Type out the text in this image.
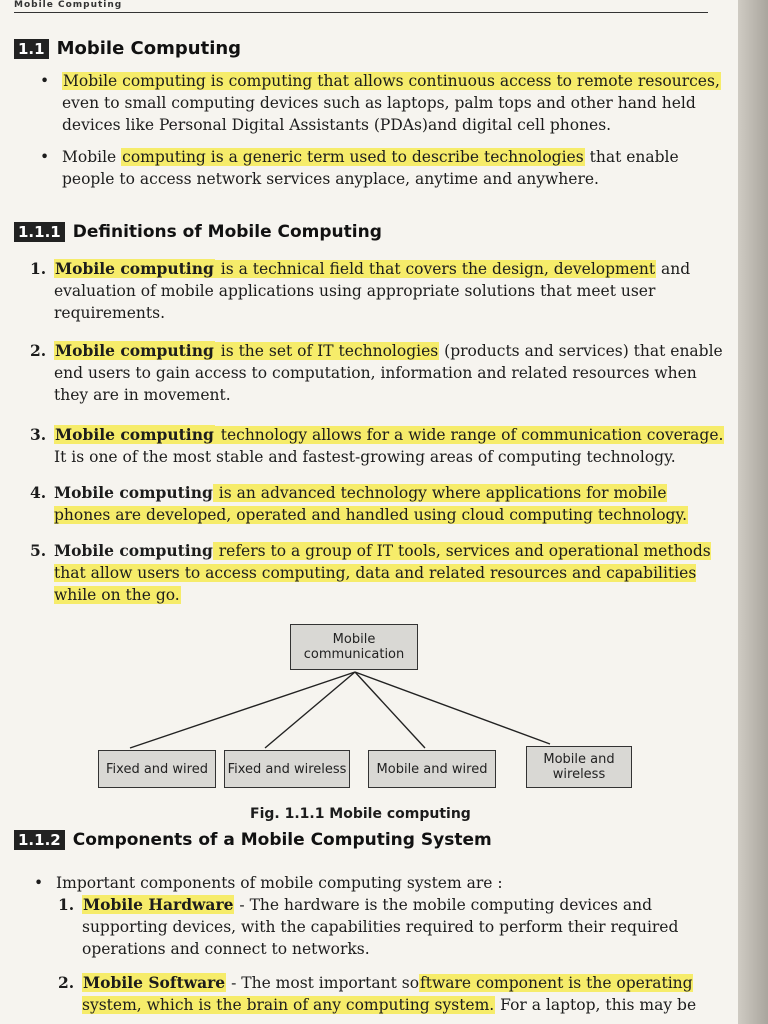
Mobile Computing
1.1 Mobile Computing
• Mobile computing is computing that allows continuous access to remote resources, even to small computing devices such as laptops, palm tops and other hand held devices like Personal Digital Assistants (PDAs)and digital cell phones.
• Mobile computing is a generic term used to describe technologies that enable people to access network services anyplace, anytime and anywhere.
1.1.1 Definitions of Mobile Computing
1. Mobile computing is a technical field that covers the design, development and evaluation of mobile applications using appropriate solutions that meet user requirements.
2. Mobile computing is the set of IT technologies (products and services) that enable end users to gain access to computation, information and related resources when they are in movement.
3. Mobile computing technology allows for a wide range of communication coverage. It is one of the most stable and fastest-growing areas of computing technology.
4. Mobile computing is an advanced technology where applications for mobile phones are developed, operated and handled using cloud computing technology.
5. Mobile computing refers to a group of IT tools, services and operational methods that allow users to access computing, data and related resources and capabilities while on the go.
Mobile communication
Fixed and wired	Fixed and wireless	Mobile and wired
Mobile and wireless
Fig. 1.1.1 Mobile computing
1.1.2 Components of a Mobile Computing System
• Important components of mobile computing system are :
1. Mobile Hardware - The hardware is the mobile computing devices and supporting devices, with the capabilities required to perform their required operations and connect to networks.
2. Mobile Software - The most important software component is the operating system, which is the brain of any computing system. For a laptop, this may be
